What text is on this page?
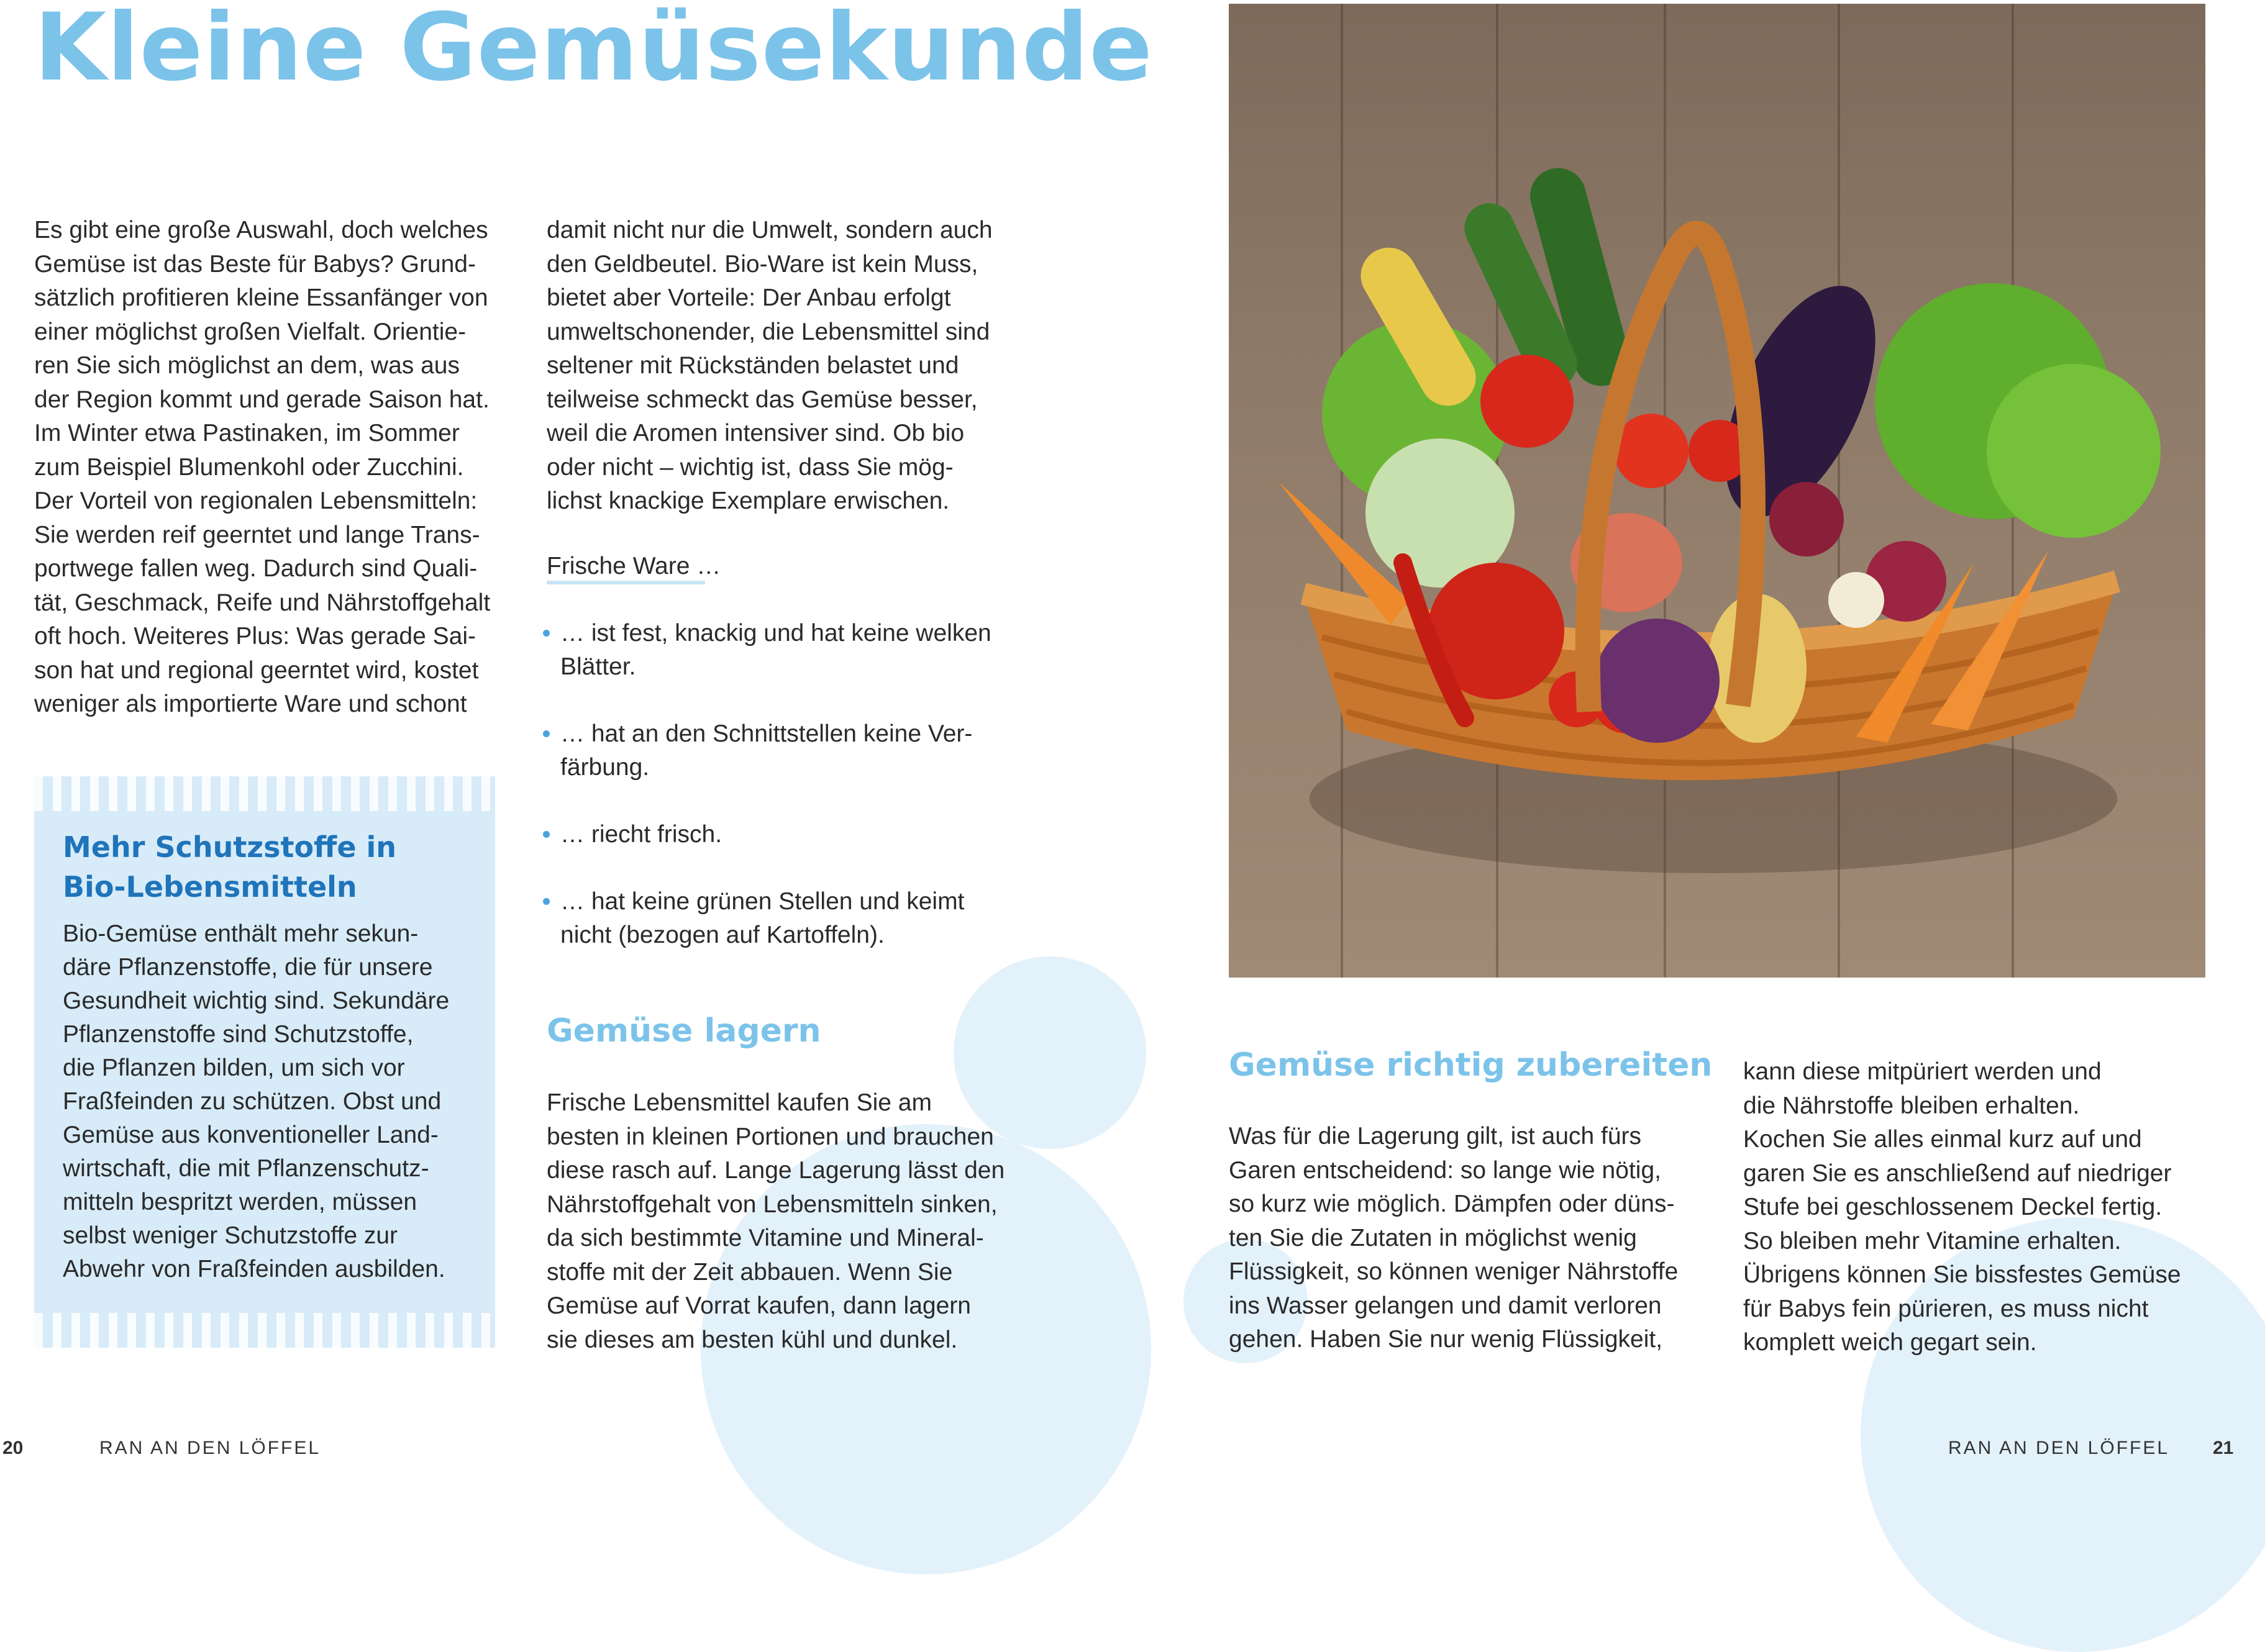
Kleine Gemüsekunde
Es gibt eine große Auswahl, doch welches
Gemüse ist das Beste für Babys? Grund-
sätzlich profitieren kleine Essanfänger von
einer möglichst großen Vielfalt. Orientie-
ren Sie sich möglichst an dem, was aus
der Region kommt und gerade Saison hat.
Im Winter etwa Pastinaken, im Sommer
zum Beispiel Blumenkohl oder Zucchini.
Der Vorteil von regionalen Lebensmitteln:
Sie werden reif geerntet und lange Trans-
portwege fallen weg. Dadurch sind Quali-
tät, Geschmack, Reife und Nährstoffgehalt
oft hoch. Weiteres Plus: Was gerade Sai-
son hat und regional geerntet wird, kostet
weniger als importierte Ware und schont
Mehr Schutzstoffe in
Bio-Lebensmitteln
Bio-Gemüse enthält mehr sekun-
däre Pflanzenstoffe, die für unsere
Gesundheit wichtig sind. Sekundäre
Pflanzenstoffe sind Schutzstoffe,
die Pflanzen bilden, um sich vor
Fraßfeinden zu schützen. Obst und
Gemüse aus konventioneller Land-
wirtschaft, die mit Pflanzenschutz-
mitteln bespritzt werden, müssen
selbst weniger Schutzstoffe zur
Abwehr von Fraßfeinden ausbilden.
damit nicht nur die Umwelt, sondern auch
den Geldbeutel. Bio-Ware ist kein Muss,
bietet aber Vorteile: Der Anbau erfolgt
umweltschonender, die Lebensmittel sind
seltener mit Rückständen belastet und
teilweise schmeckt das Gemüse besser,
weil die Aromen intensiver sind. Ob bio
oder nicht – wichtig ist, dass Sie mög-
lichst knackige Exemplare erwischen.
Frische Ware …
… ist fest, knackig und hat keine welken
Blätter.
… hat an den Schnittstellen keine Ver-
färbung.
… riecht frisch.
… hat keine grünen Stellen und keimt
nicht (bezogen auf Kartoffeln).
Gemüse lagern
Frische Lebensmittel kaufen Sie am
besten in kleinen Portionen und brauchen
diese rasch auf. Lange Lagerung lässt den
Nährstoffgehalt von Lebensmitteln sinken,
da sich bestimmte Vitamine und Mineral-
stoffe mit der Zeit abbauen. Wenn Sie
Gemüse auf Vorrat kaufen, dann lagern
sie dieses am besten kühl und dunkel.
20	RAN AN DEN LÖFFEL
Gemüse richtig zubereiten
Was für die Lagerung gilt, ist auch fürs
Garen entscheidend: so lange wie nötig,
so kurz wie möglich. Dämpfen oder düns-
ten Sie die Zutaten in möglichst wenig
Flüssigkeit, so können weniger Nährstoffe
ins Wasser gelangen und damit verloren
gehen. Haben Sie nur wenig Flüssigkeit,
kann diese mitpüriert werden und
die Nährstoffe bleiben erhalten.
Kochen Sie alles einmal kurz auf und
garen Sie es anschließend auf niedriger
Stufe bei geschlossenem Deckel fertig.
So bleiben mehr Vitamine erhalten.
Übrigens können Sie bissfestes Gemüse
für Babys fein pürieren, es muss nicht
komplett weich gegart sein.
RAN AN DEN LÖFFEL 21
